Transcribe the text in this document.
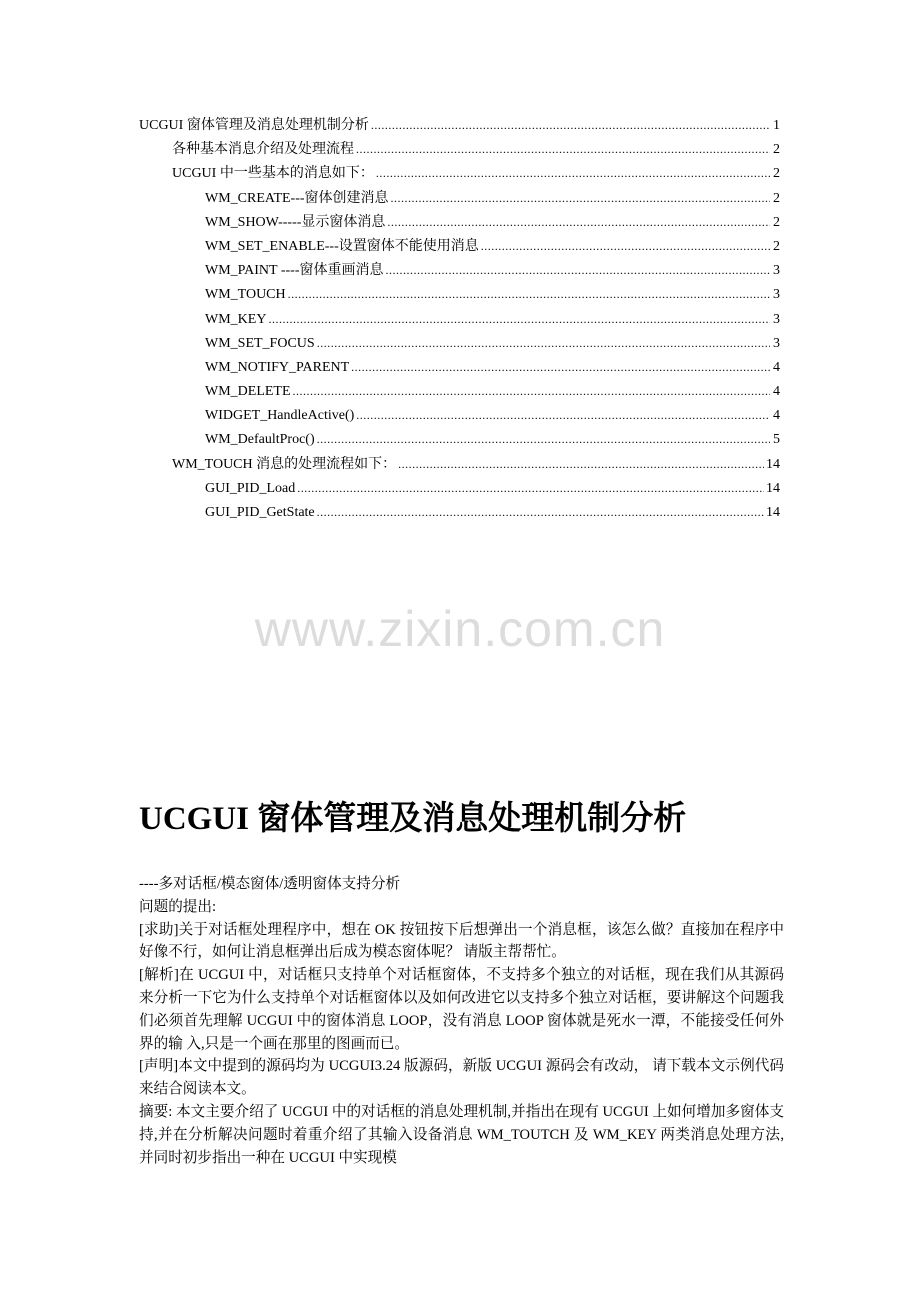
UCGUI 窗体管理及消息处理机制分析 .....	1
各种基本消息介绍及处理流程 .....	2
UCGUI 中一些基本的消息如下： .....	2
WM_CREATE---窗体创建消息 .....	2
WM_SHOW-----显示窗体消息 .....	2
WM_SET_ENABLE---设置窗体不能使用消息 .....	2
WM_PAINT ----窗体重画消息 .....	3
WM_TOUCH .....	3
WM_KEY .....	3
WM_SET_FOCUS .....	3
WM_NOTIFY_PARENT .....	4
WM_DELETE .....	4
WIDGET_HandleActive() .....	4
WM_DefaultProc() .....	5
WM_TOUCH 消息的处理流程如下： .....	14
GUI_PID_Load .....	14
GUI_PID_GetState .....	14
www.zixin.com.cn
UCGUI 窗体管理及消息处理机制分析

----多对话框/模态窗体/透明窗体支持分析

问题的提出:

[求助]关于对话框处理程序中，想在 OK 按钮按下后想弹出一个消息框，该怎么做？直接加在程序中好像不行，如何让消息框弹出后成为模态窗体呢？ 请版主帮帮忙。

[解析]在 UCGUI 中，对话框只支持单个对话框窗体，不支持多个独立的对话框，现在我们从其源码来分析一下它为什么支持单个对话框窗体以及如何改进它以支持多个独立对话框，要讲解这个问题我们必须首先理解 UCGUI 中的窗体消息 LOOP，没有消息 LOOP 窗体就是死水一潭，不能接受任何外界的输 入,只是一个画在那里的图画而已。

[声明]本文中提到的源码均为 UCGUI3.24 版源码，新版 UCGUI 源码会有改动， 请下载本文示例代码来结合阅读本文。

摘要: 本文主要介绍了 UCGUI 中的对话框的消息处理机制,并指出在现有 UCGUI 上如何增加多窗体支持,并在分析解决问题时着重介绍了其输入设备消息 WM_TOUTCH 及 WM_KEY 两类消息处理方法,并同时初步指出一种在 UCGUI 中实现模
